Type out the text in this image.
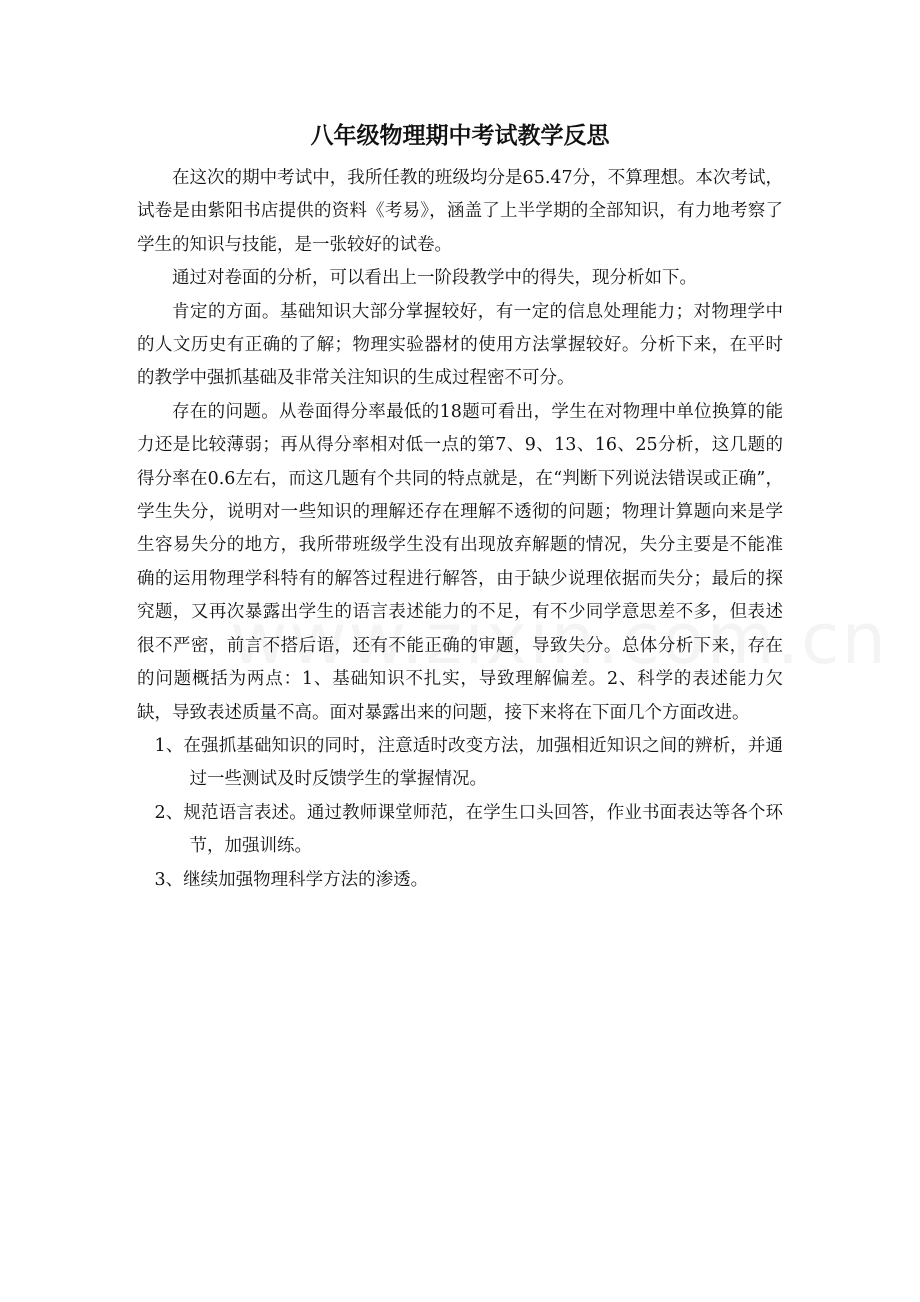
八年级物理期中考试教学反思

在这次的期中考试中，我所任教的班级均分是65.47分，不算理想。本次考试，试卷是由紫阳书店提供的资料《考易》，涵盖了上半学期的全部知识，有力地考察了学生的知识与技能，是一张较好的试卷。

通过对卷面的分析，可以看出上一阶段教学中的得失，现分析如下。

肯定的方面。基础知识大部分掌握较好，有一定的信息处理能力；对物理学中的人文历史有正确的了解；物理实验器材的使用方法掌握较好。分析下来，在平时的教学中强抓基础及非常关注知识的生成过程密不可分。

存在的问题。从卷面得分率最低的18题可看出，学生在对物理中单位换算的能力还是比较薄弱；再从得分率相对低一点的第7、9、13、16、25分析，这几题的得分率在0.6左右，而这几题有个共同的特点就是，在“判断下列说法错误或正确”，学生失分，说明对一些知识的理解还存在理解不透彻的问题；物理计算题向来是学生容易失分的地方，我所带班级学生没有出现放弃解题的情况，失分主要是不能准确的运用物理学科特有的解答过程进行解答，由于缺少说理依据而失分；最后的探究题，又再次暴露出学生的语言表述能力的不足，有不少同学意思差不多，但表述很不严密，前言不搭后语，还有不能正确的审题，导致失分。总体分析下来，存在的问题概括为两点：1、基础知识不扎实，导致理解偏差。2、科学的表述能力欠缺，导致表述质量不高。面对暴露出来的问题，接下来将在下面几个方面改进。

1、在强抓基础知识的同时，注意适时改变方法，加强相近知识之间的辨析，并通过一些测试及时反馈学生的掌握情况。

2、规范语言表述。通过教师课堂师范，在学生口头回答，作业书面表达等各个环节，加强训练。

3、继续加强物理科学方法的渗透。
